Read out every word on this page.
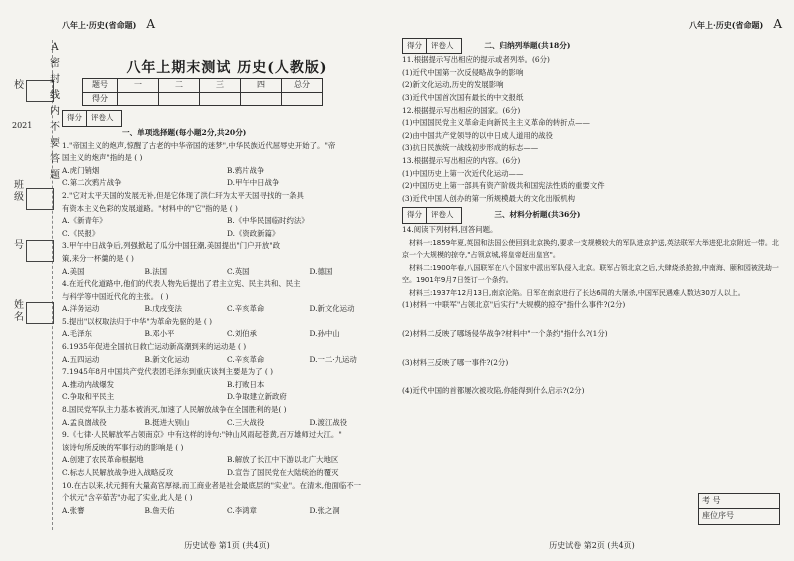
校
2021
班级
号
姓名
A密封线内不要答题
八年上·历史(省命题) A
八年上期末测试 历史(人教版)
题号	一	二	三	四	总分
得分					
得分 评卷人
一、单项选择题(每小题2分,共20分)

1."帝国主义的炮声,惊醒了古老的中华帝国的迷梦",中华民族近代屈辱史开始了。"帝

国主义的炮声"指的是 ( )

A.虎门销烟	B.鸦片战争
C.第二次鸦片战争	D.甲午中日战争

2."它对太平天国的发展无补,但是它体现了洪仁玕为太平天国寻找的一条具

有资本主义色彩的发展道路。"材料中的"它"指的是 ( )

A.《新青年》	B.《中华民国临时约法》
C.《民报》	D.《资政新篇》

3.甲午中日战争后,列强掀起了瓜分中国狂潮,美国提出"门户开放"政

策,来分一杯羹的是 ( )

A.美国	B.法国	C.英国	D.德国

4.在近代化道路中,他们的代表人物先后提出了君主立宪、民主共和、民主

与科学等中国近代化的主张。 ( )

A.洋务运动	B.戊戌变法	C.辛亥革命	D.新文化运动

5.提出"以权取法归于中华"为革命先驱的是 ( )

A.毛泽东	B.邓小平	C.刘伯承	D.孙中山

6.1935年促进全国抗日救亡运动新高潮到来的运动是 ( )

A.五四运动	B.新文化运动	C.辛亥革命	D.一二·九运动

7.1945年8月中国共产党代表团毛泽东到重庆谈判主要是为了 ( )

A.推动内战爆发	B.打败日本
C.争取和平民主	D.争取建立新政府

8.国民党军队主力基本被消灭,加速了人民解放战争在全国胜利的是( )

A.孟良崮战役	B.挺进大别山	C.三大战役	D.渡江战役

9.《七律·人民解放军占领南京》中有这样的诗句:"钟山风雨起苍黄,百万雄师过大江。"

该诗句所反映的军事行动的影响是 ( )

A.创建了农民革命根据地	B.解放了长江中下游以北广大地区
C.标志人民解放战争进入战略反攻	D.宣告了国民党在大陆统治的覆灭

10.在古以来,状元拥有大量高官厚禄,而工商业者是社会最底层的"实业"。在清末,他面临不一

个状元"含辛茹苦"办起了实业,此人是 ( )

A.张謇	B.詹天佑	C.李鸿章	D.张之洞
历史试卷 第1页 (共4页)
八年上·历史(省命题) A
得分 评卷人	二、归纳列举题(共18分)

11.根据提示写出相应的提示或者列举。(6分)

(1)近代中国第一次反侵略战争的影响

(2)新文化运动,历史的发展影响

(3)近代中国首次国有最长的中文报纸

12.根据提示写出相应的国家。(6分)

(1)中国国民党主义革命走向新民主主义革命的转折点——

(2)由中国共产党领导的以中日成人道用的战役

(3)抗日民族统一战线初步形成的标志——

13.根据提示写出相应的内容。(6分)

(1)中国历史上第一次近代化运动——

(2)中国历史上第一部具有资产阶级共和国宪法性质的重要文件

(3)近代中国人创办的第一所规模最大的文化出版机构

得分 评卷人	三、材料分析题(共36分)

14.阅读下列材料,回答问题。

材料一:1859年夏,英国和法国公使回到北京换约,要求一支规模较大的军队进京护送,英法联军大举进犯北京附近一带。北京一个大规模的掠夺,"占领京城,将皇帝赶出皇宫"。

材料二:1900年春,八国联军在八个国家中派出军队侵入北京。联军占领北京之后,大肆烧杀抢掠,中南海、颐和园被洗劫一空。1901年9月7日签订一个条约。

材料三:1937年12月13日,南京沦陷。日军在南京进行了长达6周的大屠杀,中国军民遇难人数达30万人以上。

(1)材料一中联军"占领北京"后实行"大规模的掠夺"指什么事件?(2分)

(2)材料二反映了哪场侵华战争?材料中"一个条约"指什么?(1分)

(3)材料三反映了哪一事件?(2分)

(4)近代中国的首都屡次被攻陷,你能得到什么启示?(2分)

考 号
座位序号
历史试卷 第2页 (共4页)
